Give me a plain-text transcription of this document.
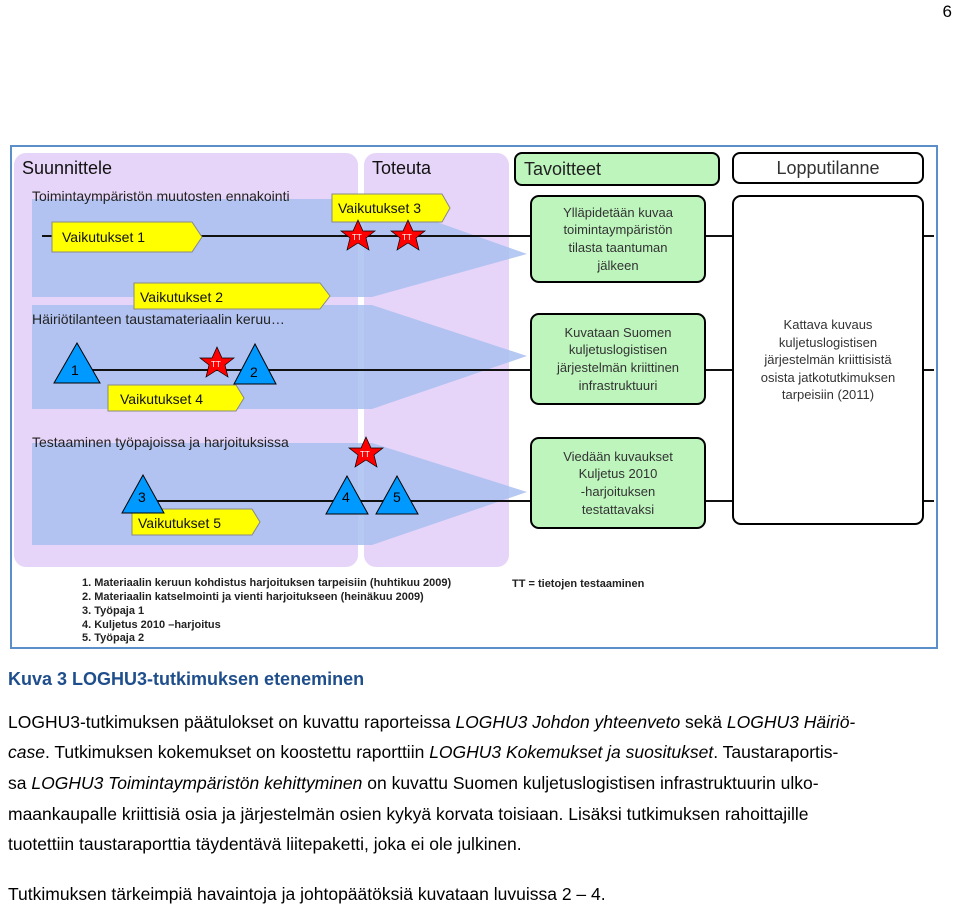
6
Suunnittele	Toteuta	Tavoitteet	Lopputilanne
Toimintaympäristön muutosten ennakointi
Häiriötilanteen taustamateriaalin keruu…
Testaaminen työpajoissa ja harjoituksissa
Vaikutukset 1
Vaikutukset 3
Vaikutukset 2
Vaikutukset 4
Vaikutukset 5
1	2
3	4	5
TT	TT
TT
TT
Ylläpidetään kuvaa
toimintaympäristön
tilasta taantuman
jälkeen
Kuvataan Suomen
kuljetuslogistisen
järjestelmän kriittinen
infrastruktuuri
Viedään kuvaukset
Kuljetus 2010
-harjoituksen
testattavaksi
Kattava kuvaus
kuljetuslogistisen
järjestelmän kriittisistä
osista jatkotutkimuksen
tarpeisiin (2011)
1. Materiaalin keruun kohdistus harjoituksen tarpeisiin (huhtikuu 2009)
2. Materiaalin katselmointi ja vienti harjoitukseen (heinäkuu 2009)
3. Työpaja 1
4. Kuljetus 2010 –harjoitus
5. Työpaja 2
TT = tietojen testaaminen
Kuva 3 LOGHU3-tutkimuksen eteneminen
LOGHU3-tutkimuksen päätulokset on kuvattu raporteissa LOGHU3 Johdon yhteenveto sekä LOGHU3 Häiriö-
case. Tutkimuksen kokemukset on koostettu raporttiin LOGHU3 Kokemukset ja suositukset. Taustaraportis-
sa LOGHU3 Toimintaympäristön kehittyminen on kuvattu Suomen kuljetuslogistisen infrastruktuurin ulko-
maankaupalle kriittisiä osia ja järjestelmän osien kykyä korvata toisiaan. Lisäksi tutkimuksen rahoittajille
tuotettiin taustaraporttia täydentävä liitepaketti, joka ei ole julkinen.
Tutkimuksen tärkeimpiä havaintoja ja johtopäätöksiä kuvataan luvuissa 2 – 4.
